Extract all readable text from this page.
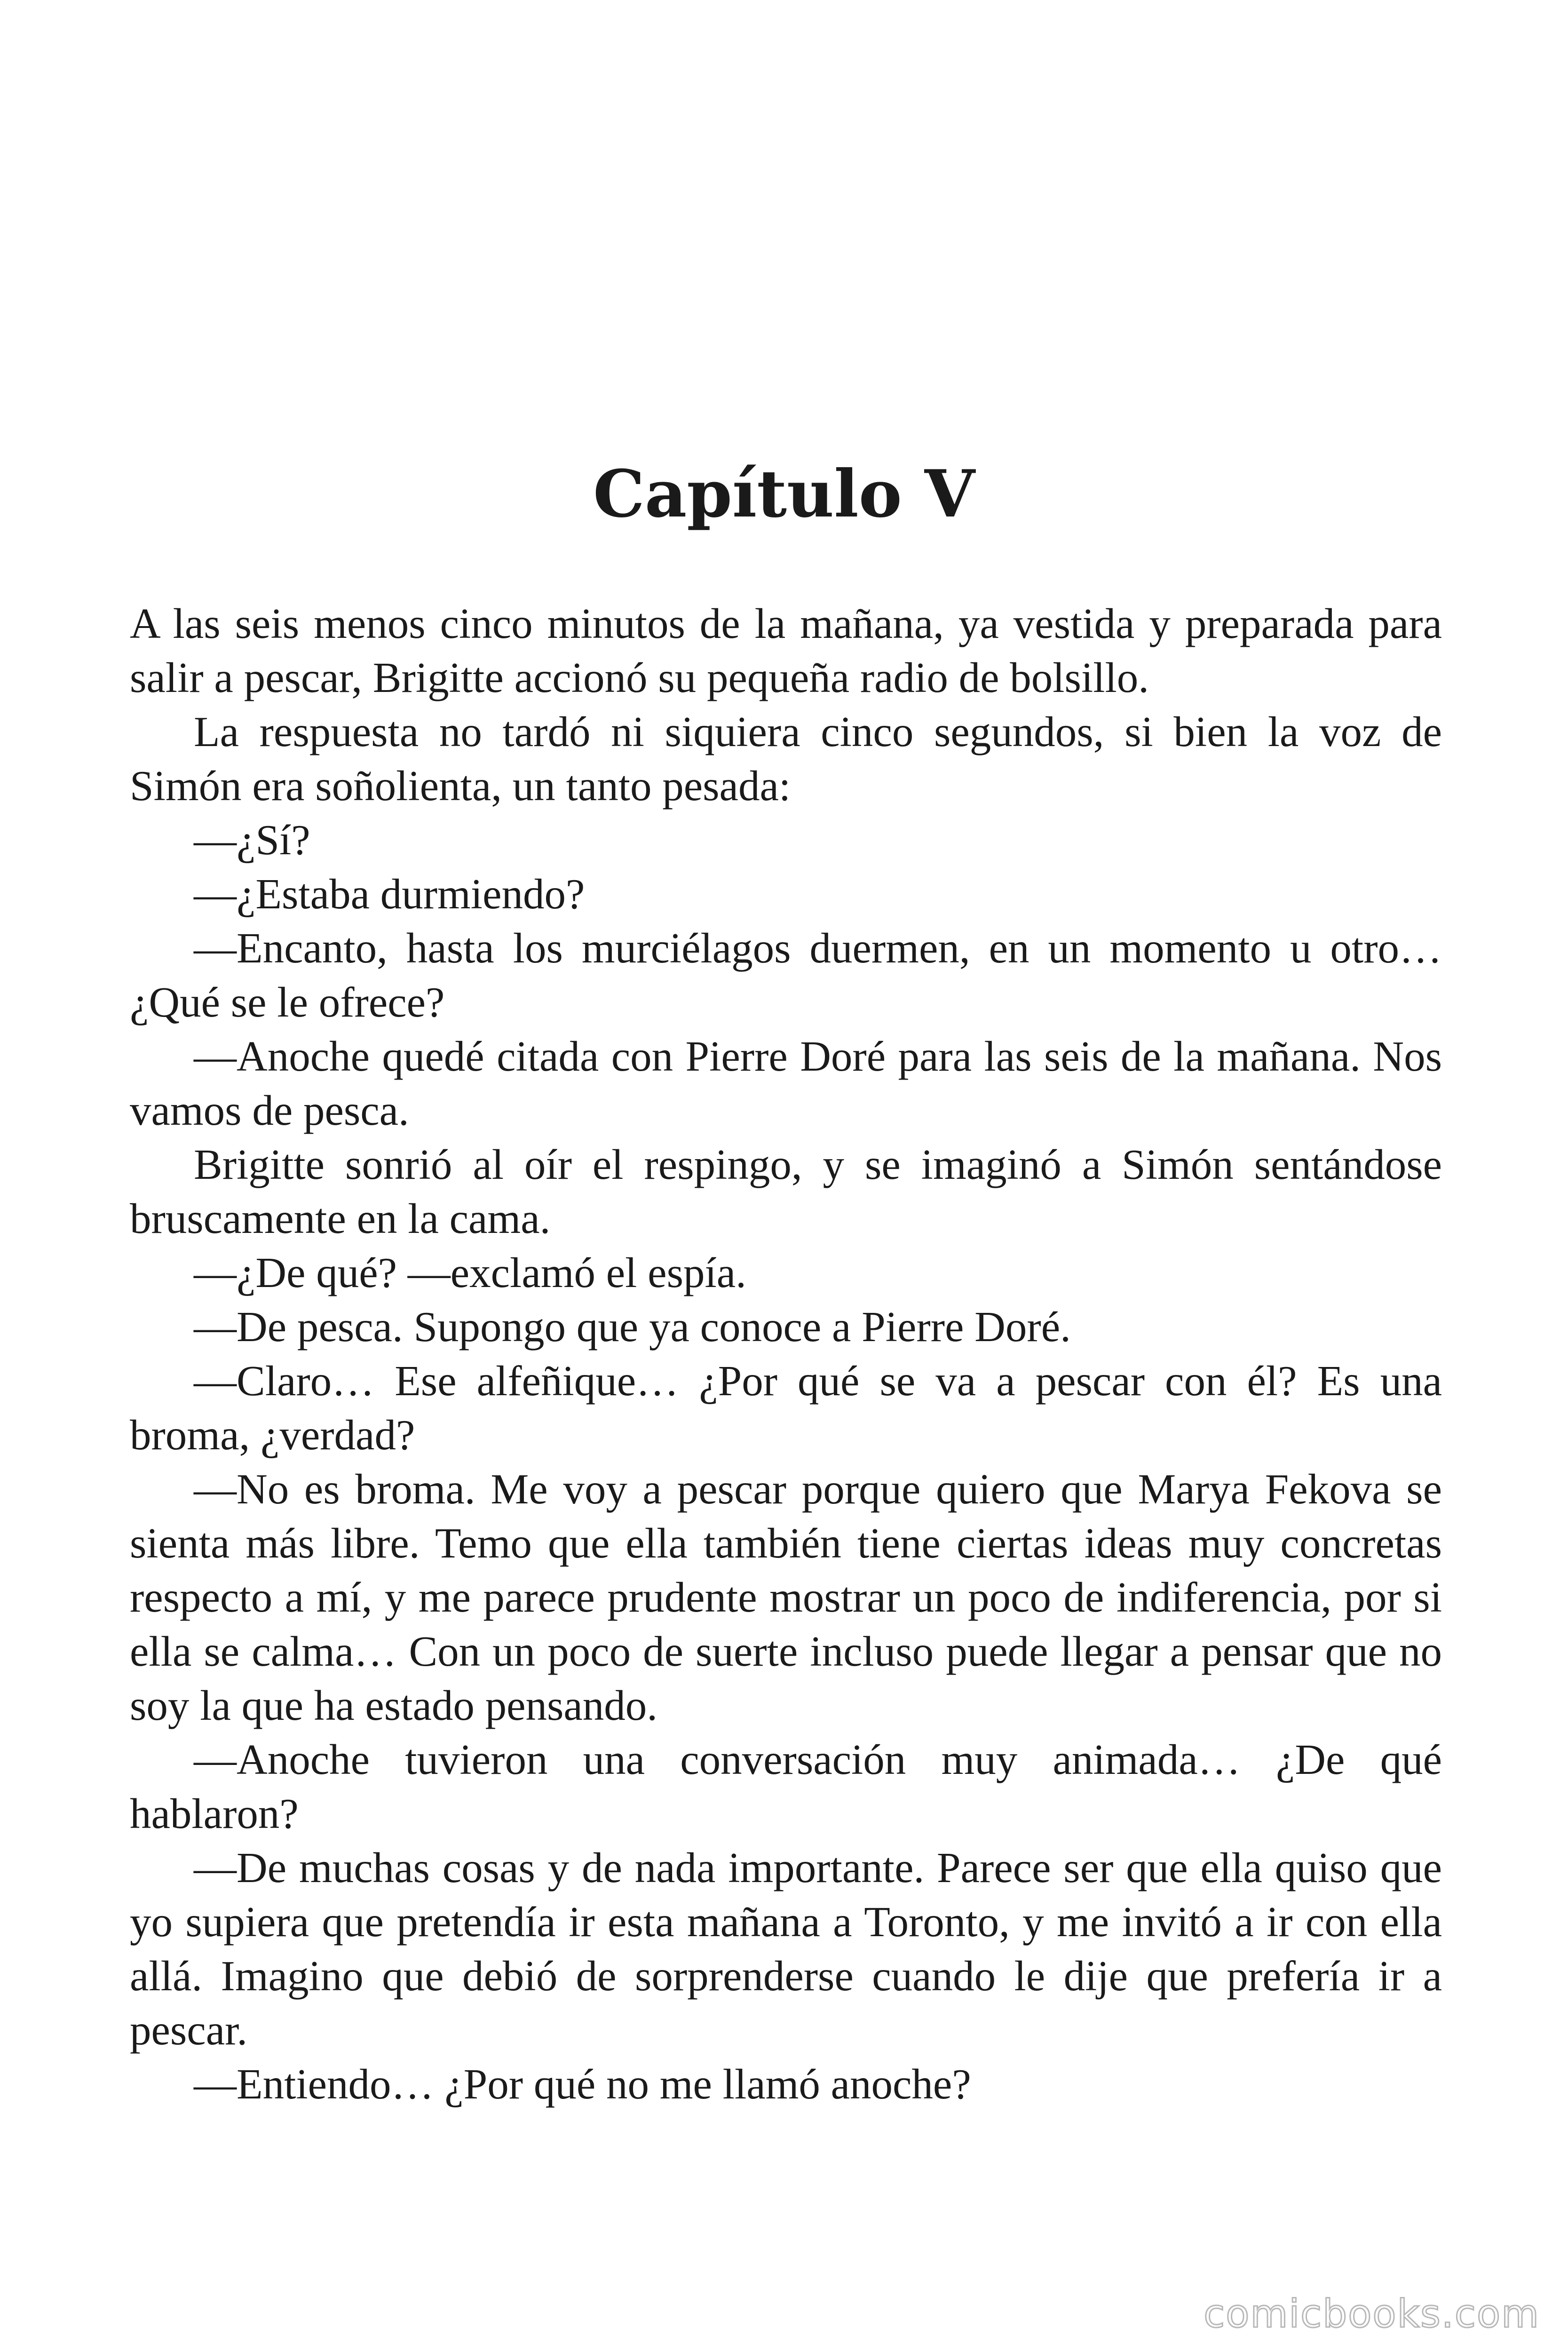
Capítulo V

A las seis menos cinco minutos de la mañana, ya vestida y preparada para salir a pescar, Brigitte accionó su pequeña radio de bolsillo.

La respuesta no tardó ni siquiera cinco segundos, si bien la voz de Simón era soñolienta, un tanto pesada:

—¿Sí?

—¿Estaba durmiendo?

—Encanto, hasta los murciélagos duermen, en un momento u otro… ¿Qué se le ofrece?

—Anoche quedé citada con Pierre Doré para las seis de la mañana. Nos vamos de pesca.

Brigitte sonrió al oír el respingo, y se imaginó a Simón sentándose bruscamente en la cama.

—¿De qué? —exclamó el espía.

—De pesca. Supongo que ya conoce a Pierre Doré.

—Claro… Ese alfeñique… ¿Por qué se va a pescar con él? Es una broma, ¿verdad?

—No es broma. Me voy a pescar porque quiero que Marya Fekova se sienta más libre. Temo que ella también tiene ciertas ideas muy concretas respecto a mí, y me parece prudente mostrar un poco de indiferencia, por si ella se calma… Con un poco de suerte incluso puede llegar a pensar que no soy la que ha estado pensando.

—Anoche tuvieron una conversación muy animada… ¿De qué hablaron?

—De muchas cosas y de nada importante. Parece ser que ella quiso que yo supiera que pretendía ir esta mañana a Toronto, y me invitó a ir con ella allá. Imagino que debió de sorprenderse cuando le dije que prefería ir a pescar.

—Entiendo… ¿Por qué no me llamó anoche?

comicbooks.com
